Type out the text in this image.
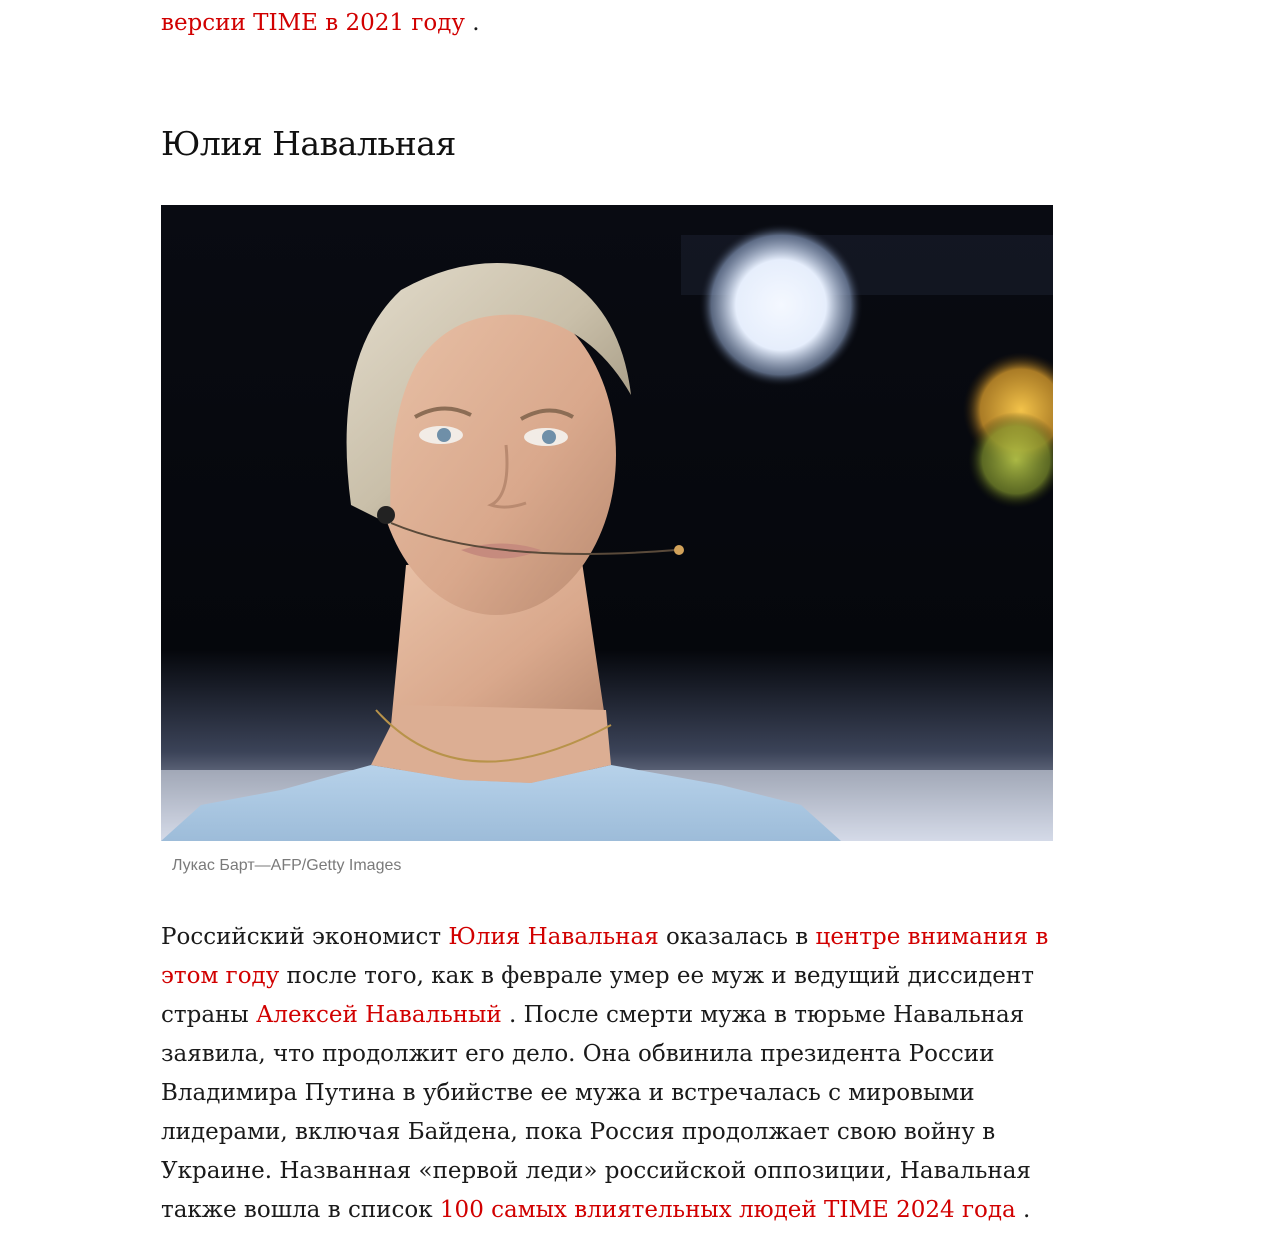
версии TIME в 2021 году .
Юлия Навальная
Лукас Барт—AFP/Getty Images

Российский экономист Юлия Навальная оказалась в центре внимания в
этом году после того, как в феврале умер ее муж и ведущий диссидент
страны Алексей Навальный . После смерти мужа в тюрьме Навальная
заявила, что продолжит его дело. Она обвинила президента России
Владимира Путина в убийстве ее мужа и встречалась с мировыми
лидерами, включая Байдена, пока Россия продолжает свою войну в
Украине. Названная «первой леди» российской оппозиции, Навальная
также вошла в список 100 самых влиятельных людей TIME 2024 года .
